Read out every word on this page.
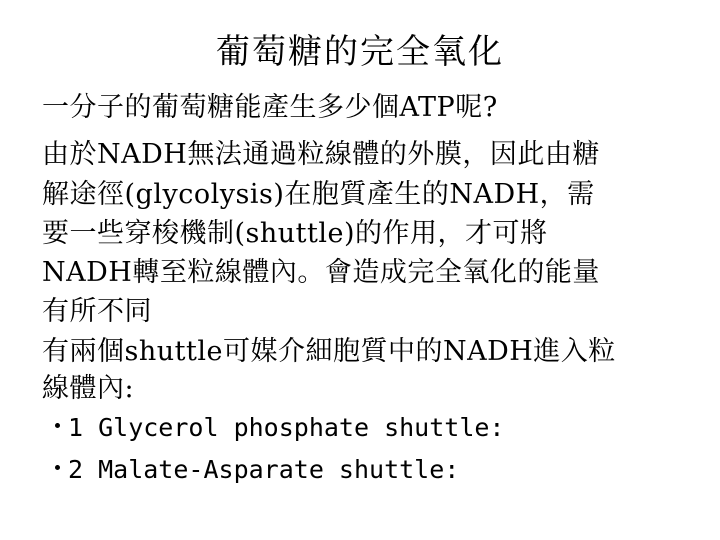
葡萄糖的完全氧化
一分子的葡萄糖能產生多少個ATP呢?
由於NADH無法通過粒線體的外膜，因此由糖
解途徑(glycolysis)在胞質產生的NADH，需
要一些穿梭機制(shuttle)的作用，才可將
NADH轉至粒線體內。會造成完全氧化的能量
有所不同
有兩個shuttle可媒介細胞質中的NADH進入粒
線體內:
・1 Glycerol phosphate shuttle:
・2 Malate-Asparate shuttle:
